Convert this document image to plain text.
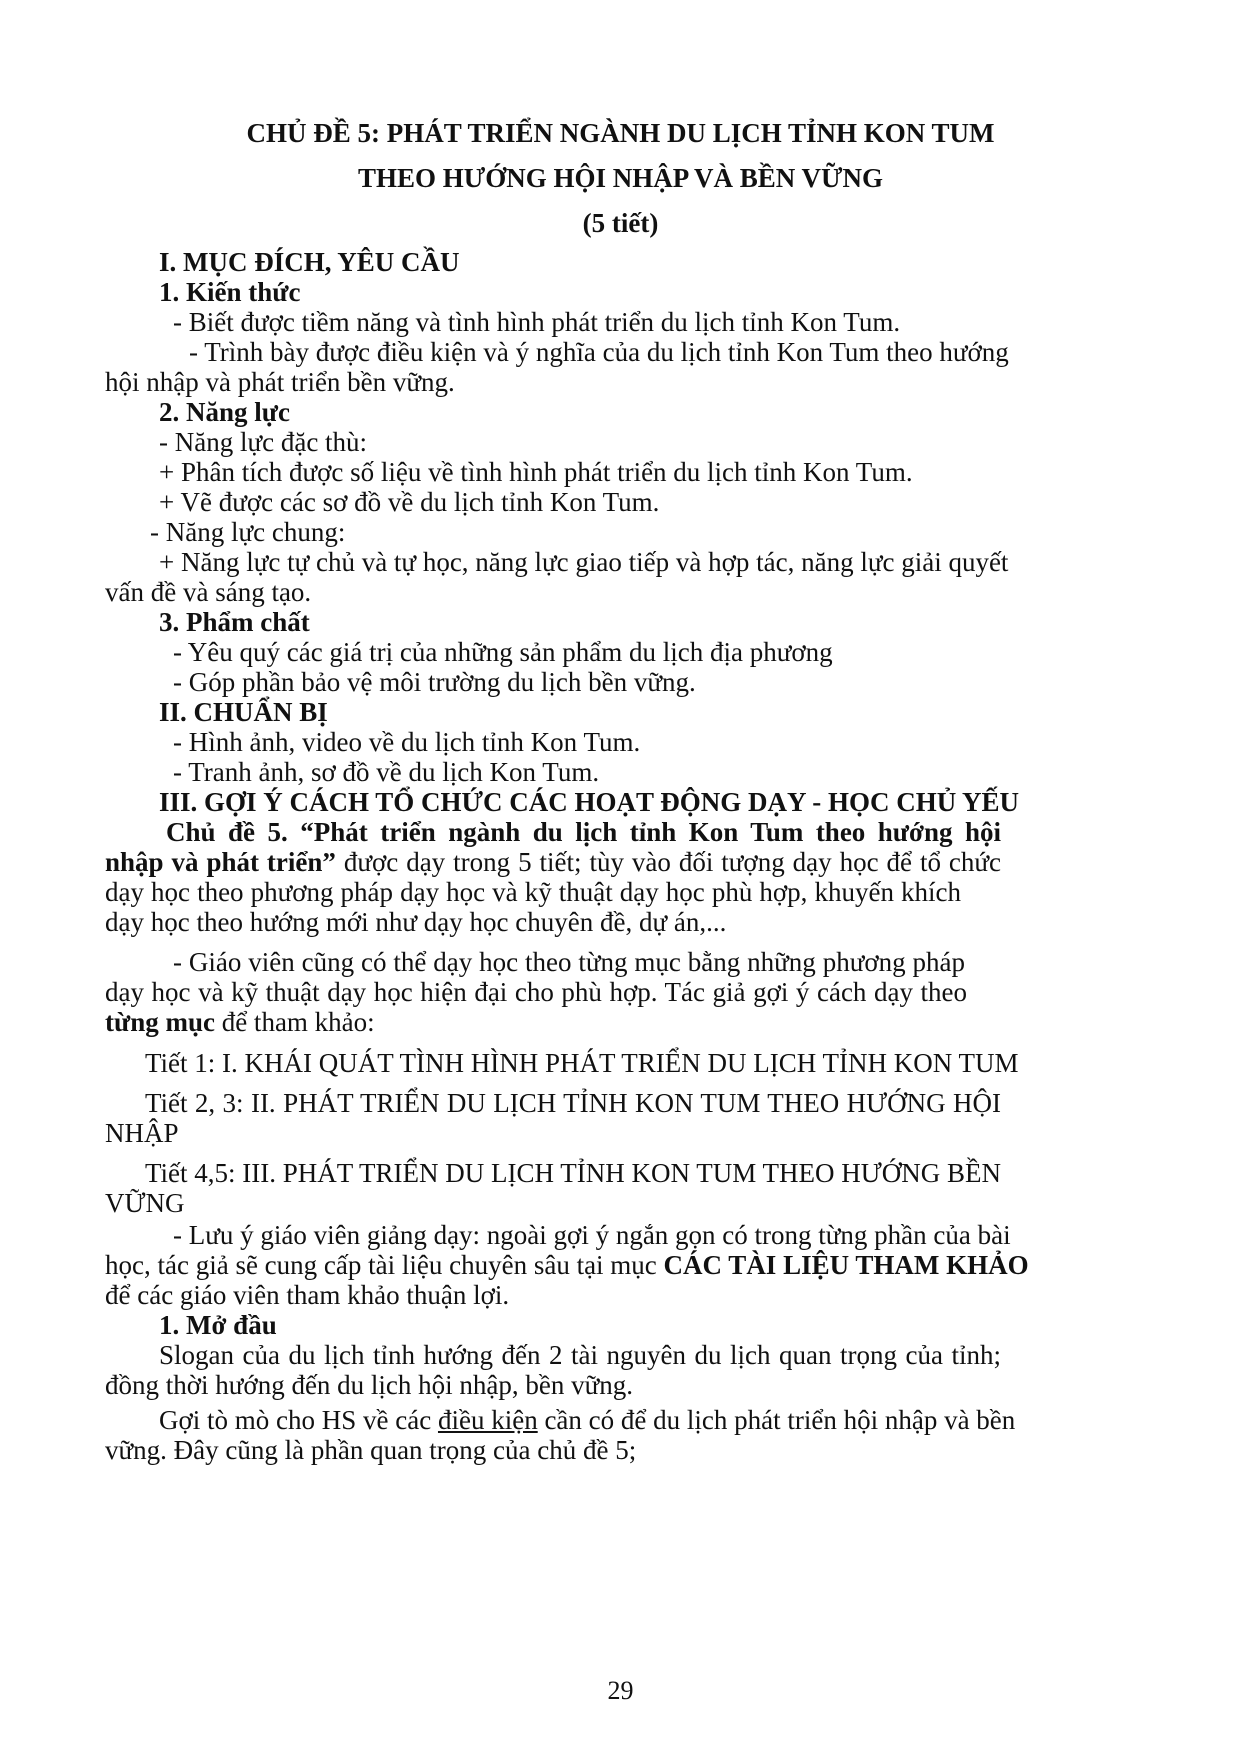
CHỦ ĐỀ 5: PHÁT TRIỂN NGÀNH DU LỊCH TỈNH KON TUM
THEO HƯỚNG HỘI NHẬP VÀ BỀN VỮNG
(5 tiết)
I. MỤC ĐÍCH, YÊU CẦU
1. Kiến thức
- Biết được tiềm năng và tình hình phát triển du lịch tỉnh Kon Tum.
- Trình bày được điều kiện và ý nghĩa của du lịch tỉnh Kon Tum theo hướng
hội nhập và phát triển bền vững.
2. Năng lực
- Năng lực đặc thù:
+ Phân tích được số liệu về tình hình phát triển du lịch tỉnh Kon Tum.
+ Vẽ được các sơ đồ về du lịch tỉnh Kon Tum.
- Năng lực chung:
+ Năng lực tự chủ và tự học, năng lực giao tiếp và hợp tác, năng lực giải quyết
vấn đề và sáng tạo.
3. Phẩm chất
- Yêu quý các giá trị của những sản phẩm du lịch địa phương
- Góp phần bảo vệ môi trường du lịch bền vững.
II. CHUẨN BỊ
- Hình ảnh, video về du lịch tỉnh Kon Tum.
- Tranh ảnh, sơ đồ về du lịch Kon Tum.
III. GỢI Ý CÁCH TỔ CHỨC CÁC HOẠT ĐỘNG DẠY - HỌC CHỦ YẾU
Chủ đề 5. “Phát triển ngành du lịch tỉnh Kon Tum theo hướng hội
nhập và phát triển” được dạy trong 5 tiết; tùy vào đối tượng dạy học để tổ chức
dạy học theo phương pháp dạy học và kỹ thuật dạy học phù hợp, khuyến khích
dạy học theo hướng mới như dạy học chuyên đề, dự án,...
- Giáo viên cũng có thể dạy học theo từng mục bằng những phương pháp
dạy học và kỹ thuật dạy học hiện đại cho phù hợp. Tác giả gợi ý cách dạy theo
từng mục để tham khảo:
Tiết 1: I. KHÁI QUÁT TÌNH HÌNH PHÁT TRIỂN DU LỊCH TỈNH KON TUM
Tiết 2, 3: II. PHÁT TRIỂN DU LỊCH TỈNH KON TUM THEO HƯỚNG HỘI
NHẬP
Tiết 4,5: III. PHÁT TRIỂN DU LỊCH TỈNH KON TUM THEO HƯỚNG BỀN
VỮNG
- Lưu ý giáo viên giảng dạy: ngoài gợi ý ngắn gọn có trong từng phần của bài
học, tác giả sẽ cung cấp tài liệu chuyên sâu tại mục CÁC TÀI LIỆU THAM KHẢO
để các giáo viên tham khảo thuận lợi.
1. Mở đầu
Slogan của du lịch tỉnh hướng đến 2 tài nguyên du lịch quan trọng của tỉnh;
đồng thời hướng đến du lịch hội nhập, bền vững.
Gợi tò mò cho HS về các điều kiện cần có để du lịch phát triển hội nhập và bền
vững. Đây cũng là phần quan trọng của chủ đề 5;
29
